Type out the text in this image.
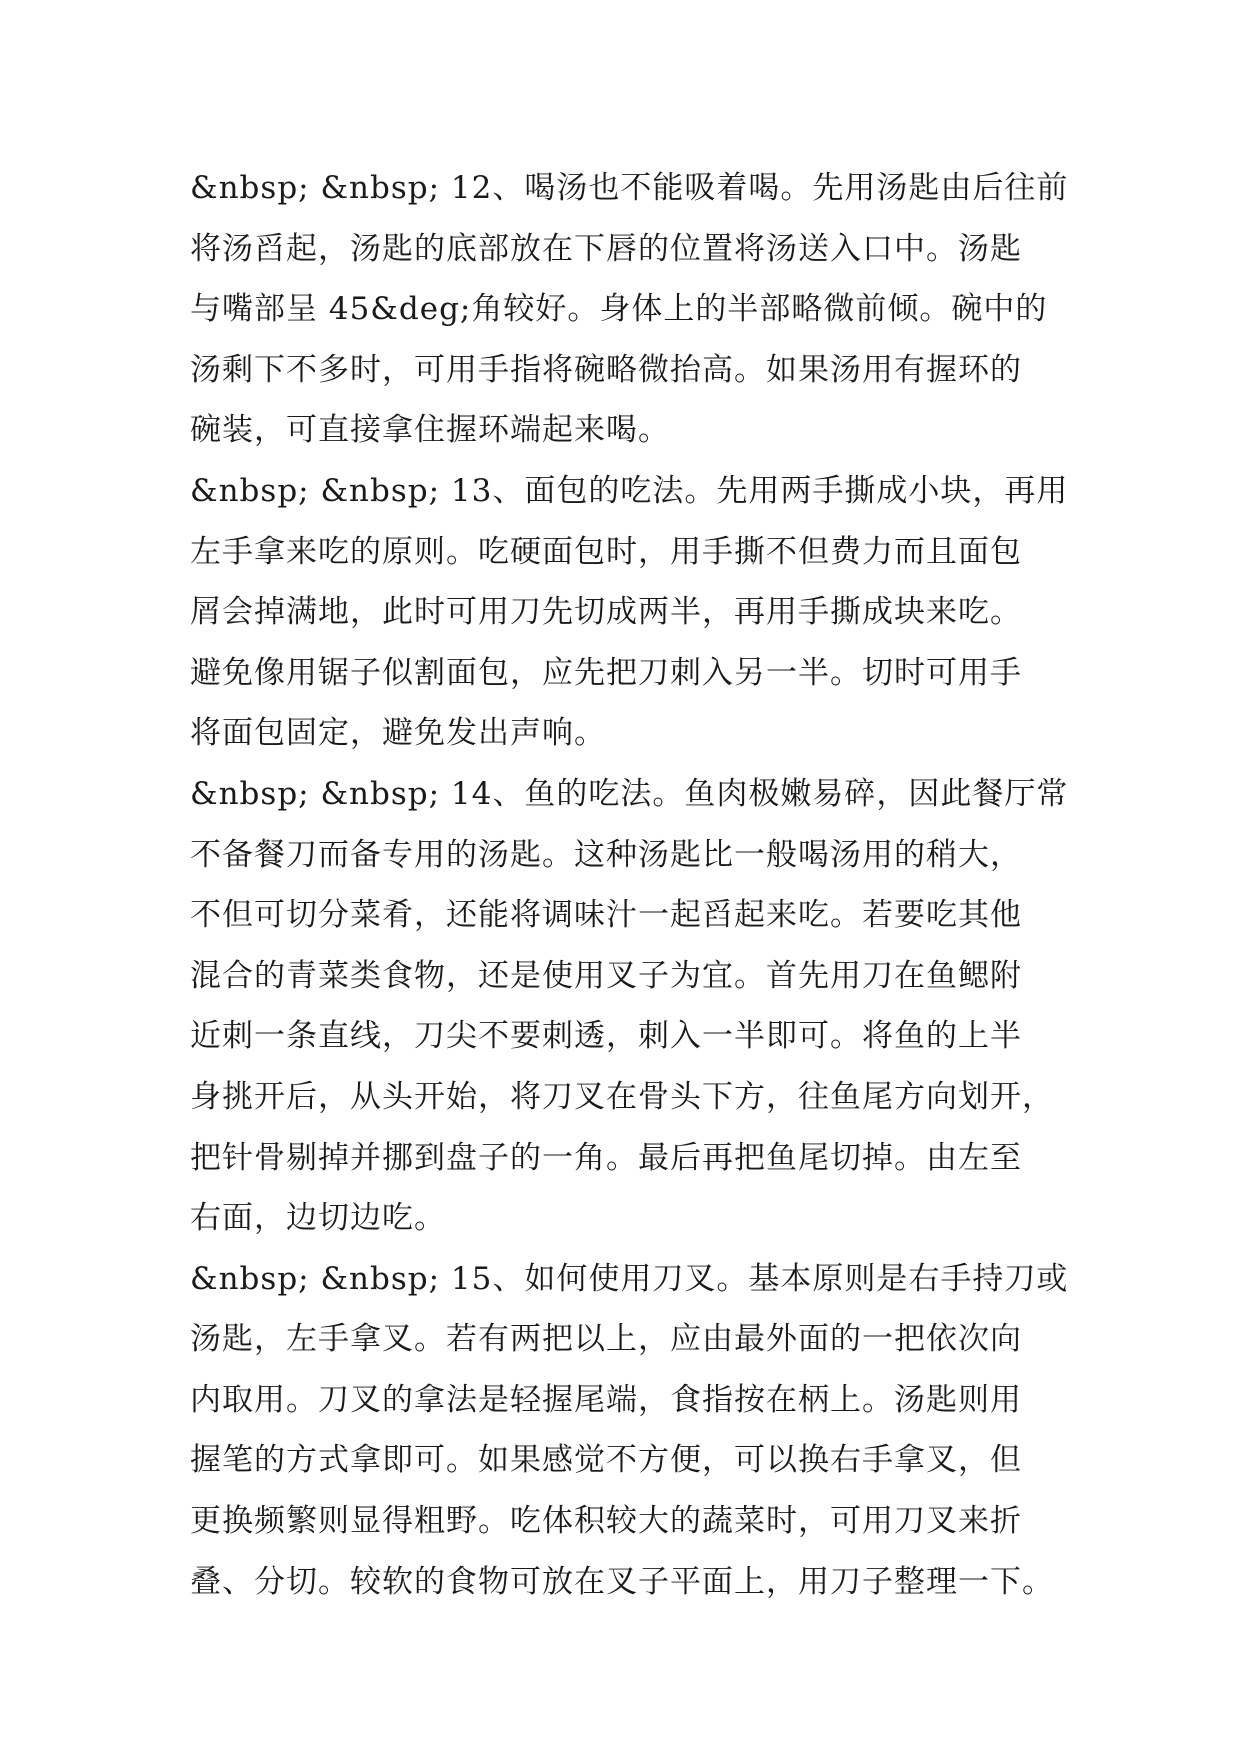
&nbsp; &nbsp; 12、喝汤也不能吸着喝。先用汤匙由后往前
将汤舀起，汤匙的底部放在下唇的位置将汤送入口中。汤匙
与嘴部呈 45&deg;角较好。身体上的半部略微前倾。碗中的
汤剩下不多时，可用手指将碗略微抬高。如果汤用有握环的
碗装，可直接拿住握环端起来喝。
&nbsp; &nbsp; 13、面包的吃法。先用两手撕成小块，再用
左手拿来吃的原则。吃硬面包时，用手撕不但费力而且面包
屑会掉满地，此时可用刀先切成两半，再用手撕成块来吃。
避免像用锯子似割面包，应先把刀刺入另一半。切时可用手
将面包固定，避免发出声响。
&nbsp; &nbsp; 14、鱼的吃法。鱼肉极嫩易碎，因此餐厅常
不备餐刀而备专用的汤匙。这种汤匙比一般喝汤用的稍大，
不但可切分菜肴，还能将调味汁一起舀起来吃。若要吃其他
混合的青菜类食物，还是使用叉子为宜。首先用刀在鱼鳃附
近刺一条直线，刀尖不要刺透，刺入一半即可。将鱼的上半
身挑开后，从头开始，将刀叉在骨头下方，往鱼尾方向划开，
把针骨剔掉并挪到盘子的一角。最后再把鱼尾切掉。由左至
右面，边切边吃。
&nbsp; &nbsp; 15、如何使用刀叉。基本原则是右手持刀或
汤匙，左手拿叉。若有两把以上，应由最外面的一把依次向
内取用。刀叉的拿法是轻握尾端，食指按在柄上。汤匙则用
握笔的方式拿即可。如果感觉不方便，可以换右手拿叉，但
更换频繁则显得粗野。吃体积较大的蔬菜时，可用刀叉来折
叠、分切。较软的食物可放在叉子平面上，用刀子整理一下。
